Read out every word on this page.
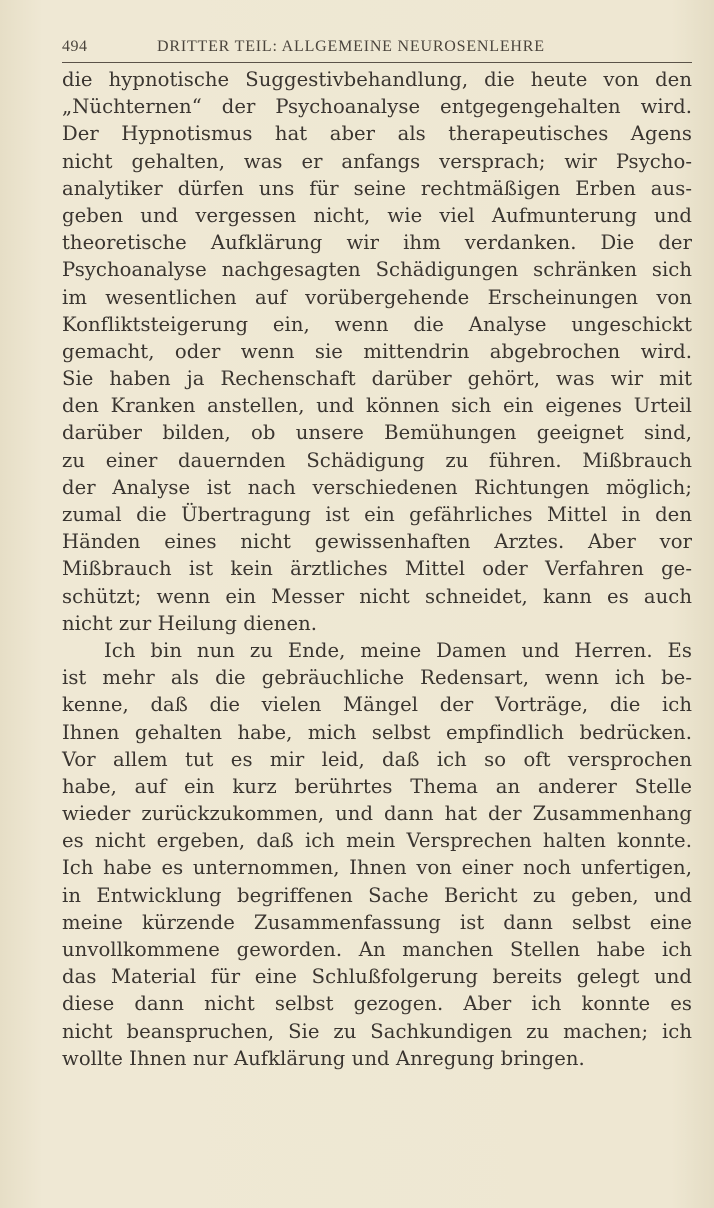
494	DRITTER TEIL: ALLGEMEINE NEUROSENLEHRE
die hypnotische Suggestivbehandlung, die heute von den
„Nüchternen“ der Psychoanalyse entgegengehalten wird.
Der Hypnotismus hat aber als therapeutisches Agens
nicht gehalten, was er anfangs versprach; wir Psycho-
analytiker dürfen uns für seine rechtmäßigen Erben aus-
geben und vergessen nicht, wie viel Aufmunterung und
theoretische Aufklärung wir ihm verdanken. Die der
Psychoanalyse nachgesagten Schädigungen schränken sich
im wesentlichen auf vorübergehende Erscheinungen von
Konfliktsteigerung ein, wenn die Analyse ungeschickt
gemacht, oder wenn sie mittendrin abgebrochen wird.
Sie haben ja Rechenschaft darüber gehört, was wir mit
den Kranken anstellen, und können sich ein eigenes Urteil
darüber bilden, ob unsere Bemühungen geeignet sind,
zu einer dauernden Schädigung zu führen. Mißbrauch
der Analyse ist nach verschiedenen Richtungen möglich;
zumal die Übertragung ist ein gefährliches Mittel in den
Händen eines nicht gewissenhaften Arztes. Aber vor
Mißbrauch ist kein ärztliches Mittel oder Verfahren ge-
schützt; wenn ein Messer nicht schneidet, kann es auch
nicht zur Heilung dienen.
Ich bin nun zu Ende, meine Damen und Herren. Es
ist mehr als die gebräuchliche Redensart, wenn ich be-
kenne, daß die vielen Mängel der Vorträge, die ich
Ihnen gehalten habe, mich selbst empfindlich bedrücken.
Vor allem tut es mir leid, daß ich so oft versprochen
habe, auf ein kurz berührtes Thema an anderer Stelle
wieder zurückzukommen, und dann hat der Zusammenhang
es nicht ergeben, daß ich mein Versprechen halten konnte.
Ich habe es unternommen, Ihnen von einer noch unfertigen,
in Entwicklung begriffenen Sache Bericht zu geben, und
meine kürzende Zusammenfassung ist dann selbst eine
unvollkommene geworden. An manchen Stellen habe ich
das Material für eine Schlußfolgerung bereits gelegt und
diese dann nicht selbst gezogen. Aber ich konnte es
nicht beanspruchen, Sie zu Sachkundigen zu machen; ich
wollte Ihnen nur Aufklärung und Anregung bringen.
